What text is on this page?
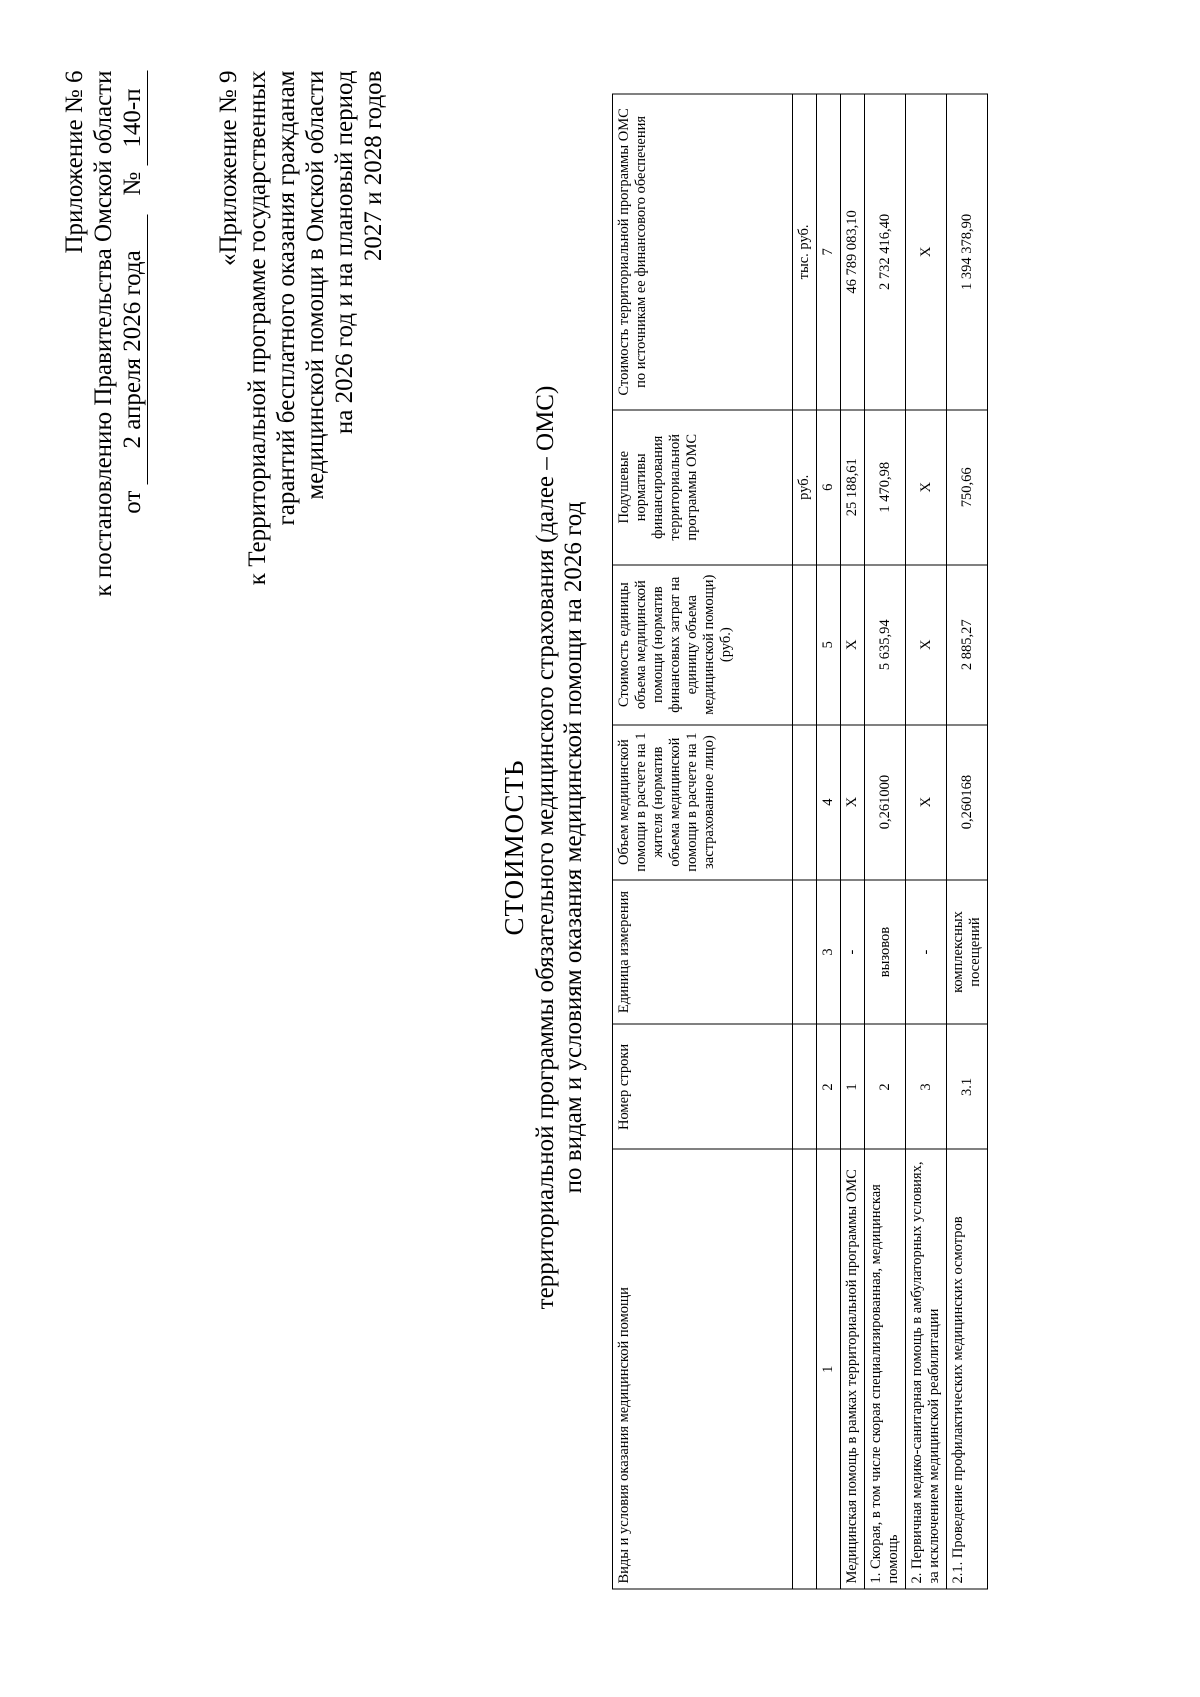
Приложение № 6 к постановлению Правительства Омской области от 2 апреля 2026 года   № 140-п	«Приложение № 9 к Территориальной программе государственных гарантий бесплатного оказания гражданам медицинской помощи в Омской области на 2026 год и на плановый период 2027 и 2028 годов
СТОИМОСТЬ территориальной программы обязательного медицинского страхования (далее – ОМС) по видам и условиям оказания медицинской помощи на 2026 год
Виды и условия оказания медицинской помощи	Номер строки	Единица измерения	Объем медицинской помощи в расчете на 1 жителя (норматив объема медицинской помощи в расчете на 1 застрахованное лицо)	Стоимость единицы объема медицинской помощи (норматив финансовых затрат на единицу объема медицинской помощи) (руб.)	Подушевые нормативы финансирования территориальной программы ОМС	Стоимость территориальной программы ОМС по источникам ее финансового обеспечения
					руб.	тыс. руб.
1	2	3	4	5	6	7
Медицинская помощь в рамках территориальной программы ОМС	1	-	X	X	25 188,61	46 789 083,10
1. Скорая, в том числе скорая специализированная, медицинская помощь	2	вызовов	0,261000	5 635,94	1 470,98	2 732 416,40
2. Первичная медико-санитарная помощь в амбулаторных условиях, за исключением медицинской реабилитации	3	-	X	X	X	X
2.1. Проведение профилактических медицинских осмотров	3.1	комплексных посещений	0,260168	2 885,27	750,66	1 394 378,90
